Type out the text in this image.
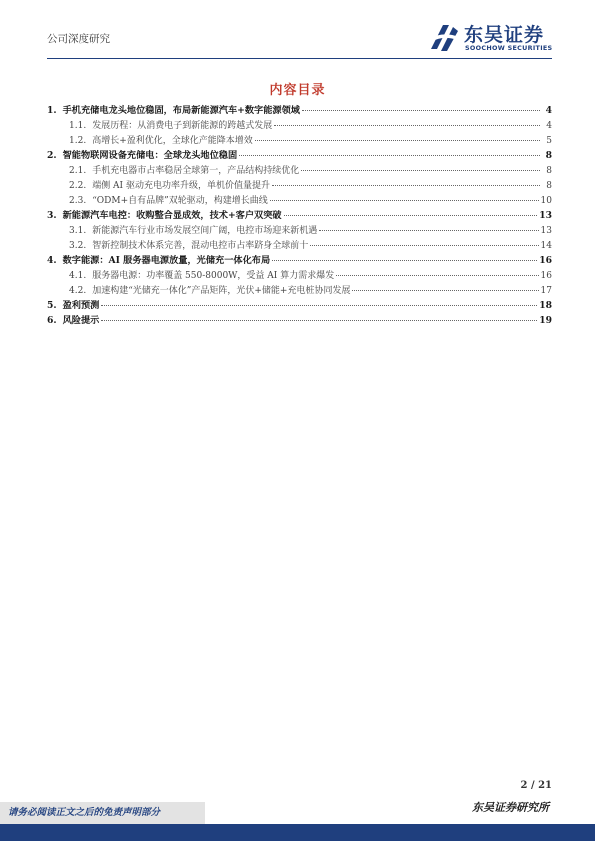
公司深度研究	东吴证券
SOOCHOW SECURITIES
内容目录
1. 手机充储电龙头地位稳固，布局新能源汽车+数字能源领域	4
1.1. 发展历程：从消费电子到新能源的跨越式发展	4
1.2. 高增长+盈利优化，全球化产能降本增效	5
2. 智能物联网设备充储电：全球龙头地位稳固	8
2.1. 手机充电器市占率稳居全球第一，产品结构持续优化	8
2.2. 端侧 AI 驱动充电功率升级，单机价值量提升	8
2.3. “ODM+自有品牌”双轮驱动，构建增长曲线	10
3. 新能源汽车电控：收购整合显成效，技术+客户双突破	13
3.1. 新能源汽车行业市场发展空间广阔，电控市场迎来新机遇	13
3.2. 智新控制技术体系完善，混动电控市占率跻身全球前十	14
4. 数字能源：AI 服务器电源放量，光储充一体化布局	16
4.1. 服务器电源：功率覆盖 550-8000W，受益 AI 算力需求爆发	16
4.2. 加速构建“光储充一体化”产品矩阵，光伏+储能+充电桩协同发展	17
5. 盈利预测	18
6. 风险提示	19
2 / 21
请务必阅读正文之后的免责声明部分	东吴证券研究所
